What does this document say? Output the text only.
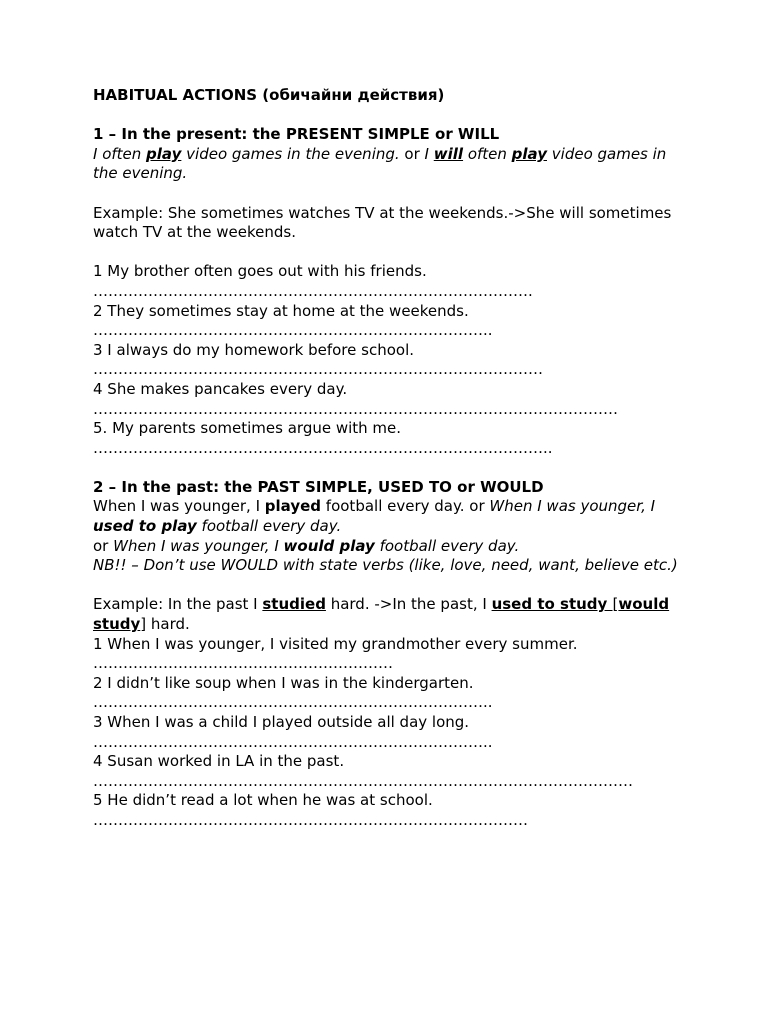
HABITUAL ACTIONS (обичайни действия)
1 – In the present: the PRESENT SIMPLE or WILL
I often play video games in the evening. or I will often play video games in the evening.
Example: She sometimes watches TV at the weekends.->She will sometimes watch TV at the weekends.
1 My brother often goes out with his friends.
…………………………………………………………………………….
2 They sometimes stay at home at the weekends.
……………………………………………………………………..
3 I always do my homework before school.
………………………………………………………………………………
4 She makes pancakes every day.
……………………………………………………………………………………………
5. My parents sometimes argue with me.
………………………………………………………………………………..
2 – In the past: the PAST SIMPLE, USED TO or WOULD
When I was younger, I played football every day. or When I was younger, I used to play football every day.
or When I was younger, I would play football every day.
NB!! – Don’t use WOULD with state verbs (like, love, need, want, believe etc.)
Example: In the past I studied hard. ->In the past, I used to study [would study] hard.
1 When I was younger, I visited my grandmother every summer.
……………………………………………………
2 I didn’t like soup when I was in the kindergarten.
……………………………………………………………………..
3 When I was a child I played outside all day long.
……………………………………………………………………..
4 Susan worked in LA in the past.
………………………………………………………………………………………………
5 He didn’t read a lot when he was at school.
……………………………………………………………………………
